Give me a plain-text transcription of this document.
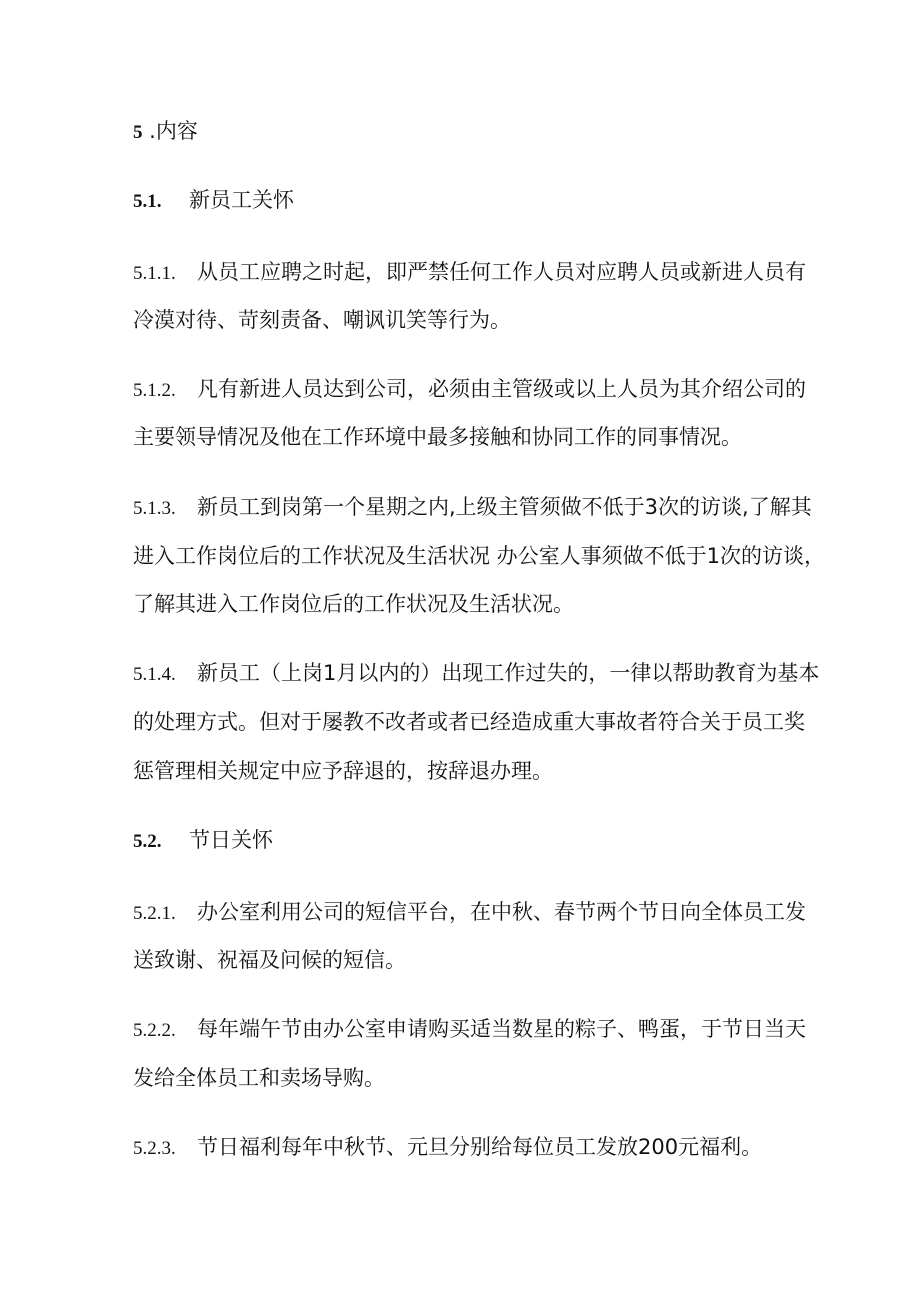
5 .内容
5.1. 新员工关怀
5.1.1. 从员工应聘之时起，即严禁任何工作人员对应聘人员或新进人员有
冷漠对待、苛刻责备、嘲讽讥笑等行为。
5.1.2. 凡有新进人员达到公司，必须由主管级或以上人员为其介绍公司的
主要领导情况及他在工作环境中最多接触和协同工作的同事情况。
5.1.3. 新员工到岗第一个星期之内,上级主管须做不低于3次的访谈,了解其
进入工作岗位后的工作状况及生活状况 办公室人事须做不低于1次的访谈，
了解其进入工作岗位后的工作状况及生活状况。
5.1.4. 新员工（上岗1月以内的）出现工作过失的，一律以帮助教育为基本
的处理方式。但对于屡教不改者或者已经造成重大事故者符合关于员工奖
惩管理相关规定中应予辞退的，按辞退办理。
5.2. 节日关怀
5.2.1. 办公室利用公司的短信平台，在中秋、春节两个节日向全体员工发
送致谢、祝福及问候的短信。
5.2.2. 每年端午节由办公室申请购买适当数星的粽子、鸭蛋，于节日当天
发给全体员工和卖场导购。
5.2.3. 节日福利每年中秋节、元旦分别给每位员工发放200元福利。
